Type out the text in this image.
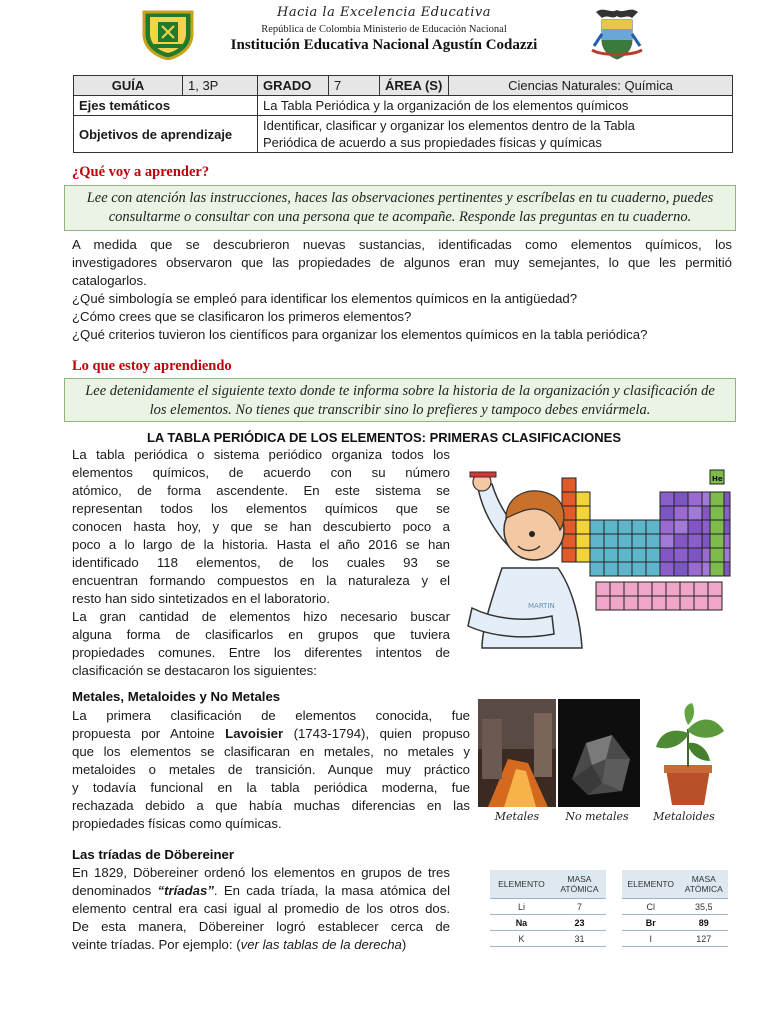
Hacia la Excelencia Educativa
República de Colombia Ministerio de Educación Nacional
Institución Educativa Nacional Agustín Codazzi
GUÍA	1, 3P	GRADO	7	ÁREA (S)	Ciencias Naturales: Química
Ejes temáticos		La Tabla Periódica y la organización de los elementos químicos			
Objetivos de aprendizaje		Identificar, clasificar y organizar los elementos dentro de la Tabla
Periódica de acuerdo a sus propiedades físicas y químicas			
¿Qué voy a aprender?
Lee con atención las instrucciones, haces las observaciones pertinentes y escríbelas en tu cuaderno, puedes
consultarme o consultar con una persona que te acompañe. Responde las preguntas en tu cuaderno.
A medida que se descubrieron nuevas sustancias, identificadas como elementos químicos, los
investigadores observaron que las propiedades de algunos eran muy semejantes, lo que les permitió
catalogarlos.
¿Qué simbología se empleó para identificar los elementos químicos en la antigüedad?
¿Cómo crees que se clasificaron los primeros elementos?
¿Qué criterios tuvieron los científicos para organizar los elementos químicos en la tabla periódica?
Lo que estoy aprendiendo
Lee detenidamente el siguiente texto donde te informa sobre la historia de la organización y clasificación de
los elementos. No tienes que transcribir sino lo prefieres y tampoco debes enviármela.
LA TABLA PERIÓDICA DE LOS ELEMENTOS: PRIMERAS CLASIFICACIONES
La tabla periódica o sistema periódico organiza todos los
elementos químicos, de acuerdo con su número
atómico, de forma ascendente. En este sistema se
representan todos los elementos químicos que se
conocen hasta hoy, y que se han descubierto poco a
poco a lo largo de la historia. Hasta el año 2016 se han
identificado 118 elementos, de los cuales 93 se
encuentran formando compuestos en la naturaleza y el
resto han sido sintetizados en el laboratorio.
La gran cantidad de elementos hizo necesario buscar
alguna forma de clasificarlos en grupos que tuviera
propiedades comunes. Entre los diferentes intentos de
clasificación se destacaron los siguientes:
He
MARTIN
Metales, Metaloides y No Metales
La primera clasificación de elementos conocida, fue
propuesta por Antoine Lavoisier (1743-1794), quien propuso
que los elementos se clasificaran en metales, no metales y
metaloides o metales de transición. Aunque muy práctico
y todavía funcional en la tabla periódica moderna, fue
rechazada debido a que había muchas diferencias en las
propiedades físicas como químicas.	Metales	No metales	Metaloides
Las tríadas de Döbereiner
En 1829, Döbereiner ordenó los elementos en grupos de tres
denominados “tríadas”. En cada tríada, la masa atómica del
elemento central era casi igual al promedio de los otros dos.
De esta manera, Döbereiner logró establecer cerca de
veinte tríadas. Por ejemplo: (ver las tablas de la derecha)
ELEMENTO	MASA
ATÓMICA

Li	7
Na	23
K	31
ELEMENTO	MASA
ATÓMICA

Cl	35,5
Br	89
I	127
